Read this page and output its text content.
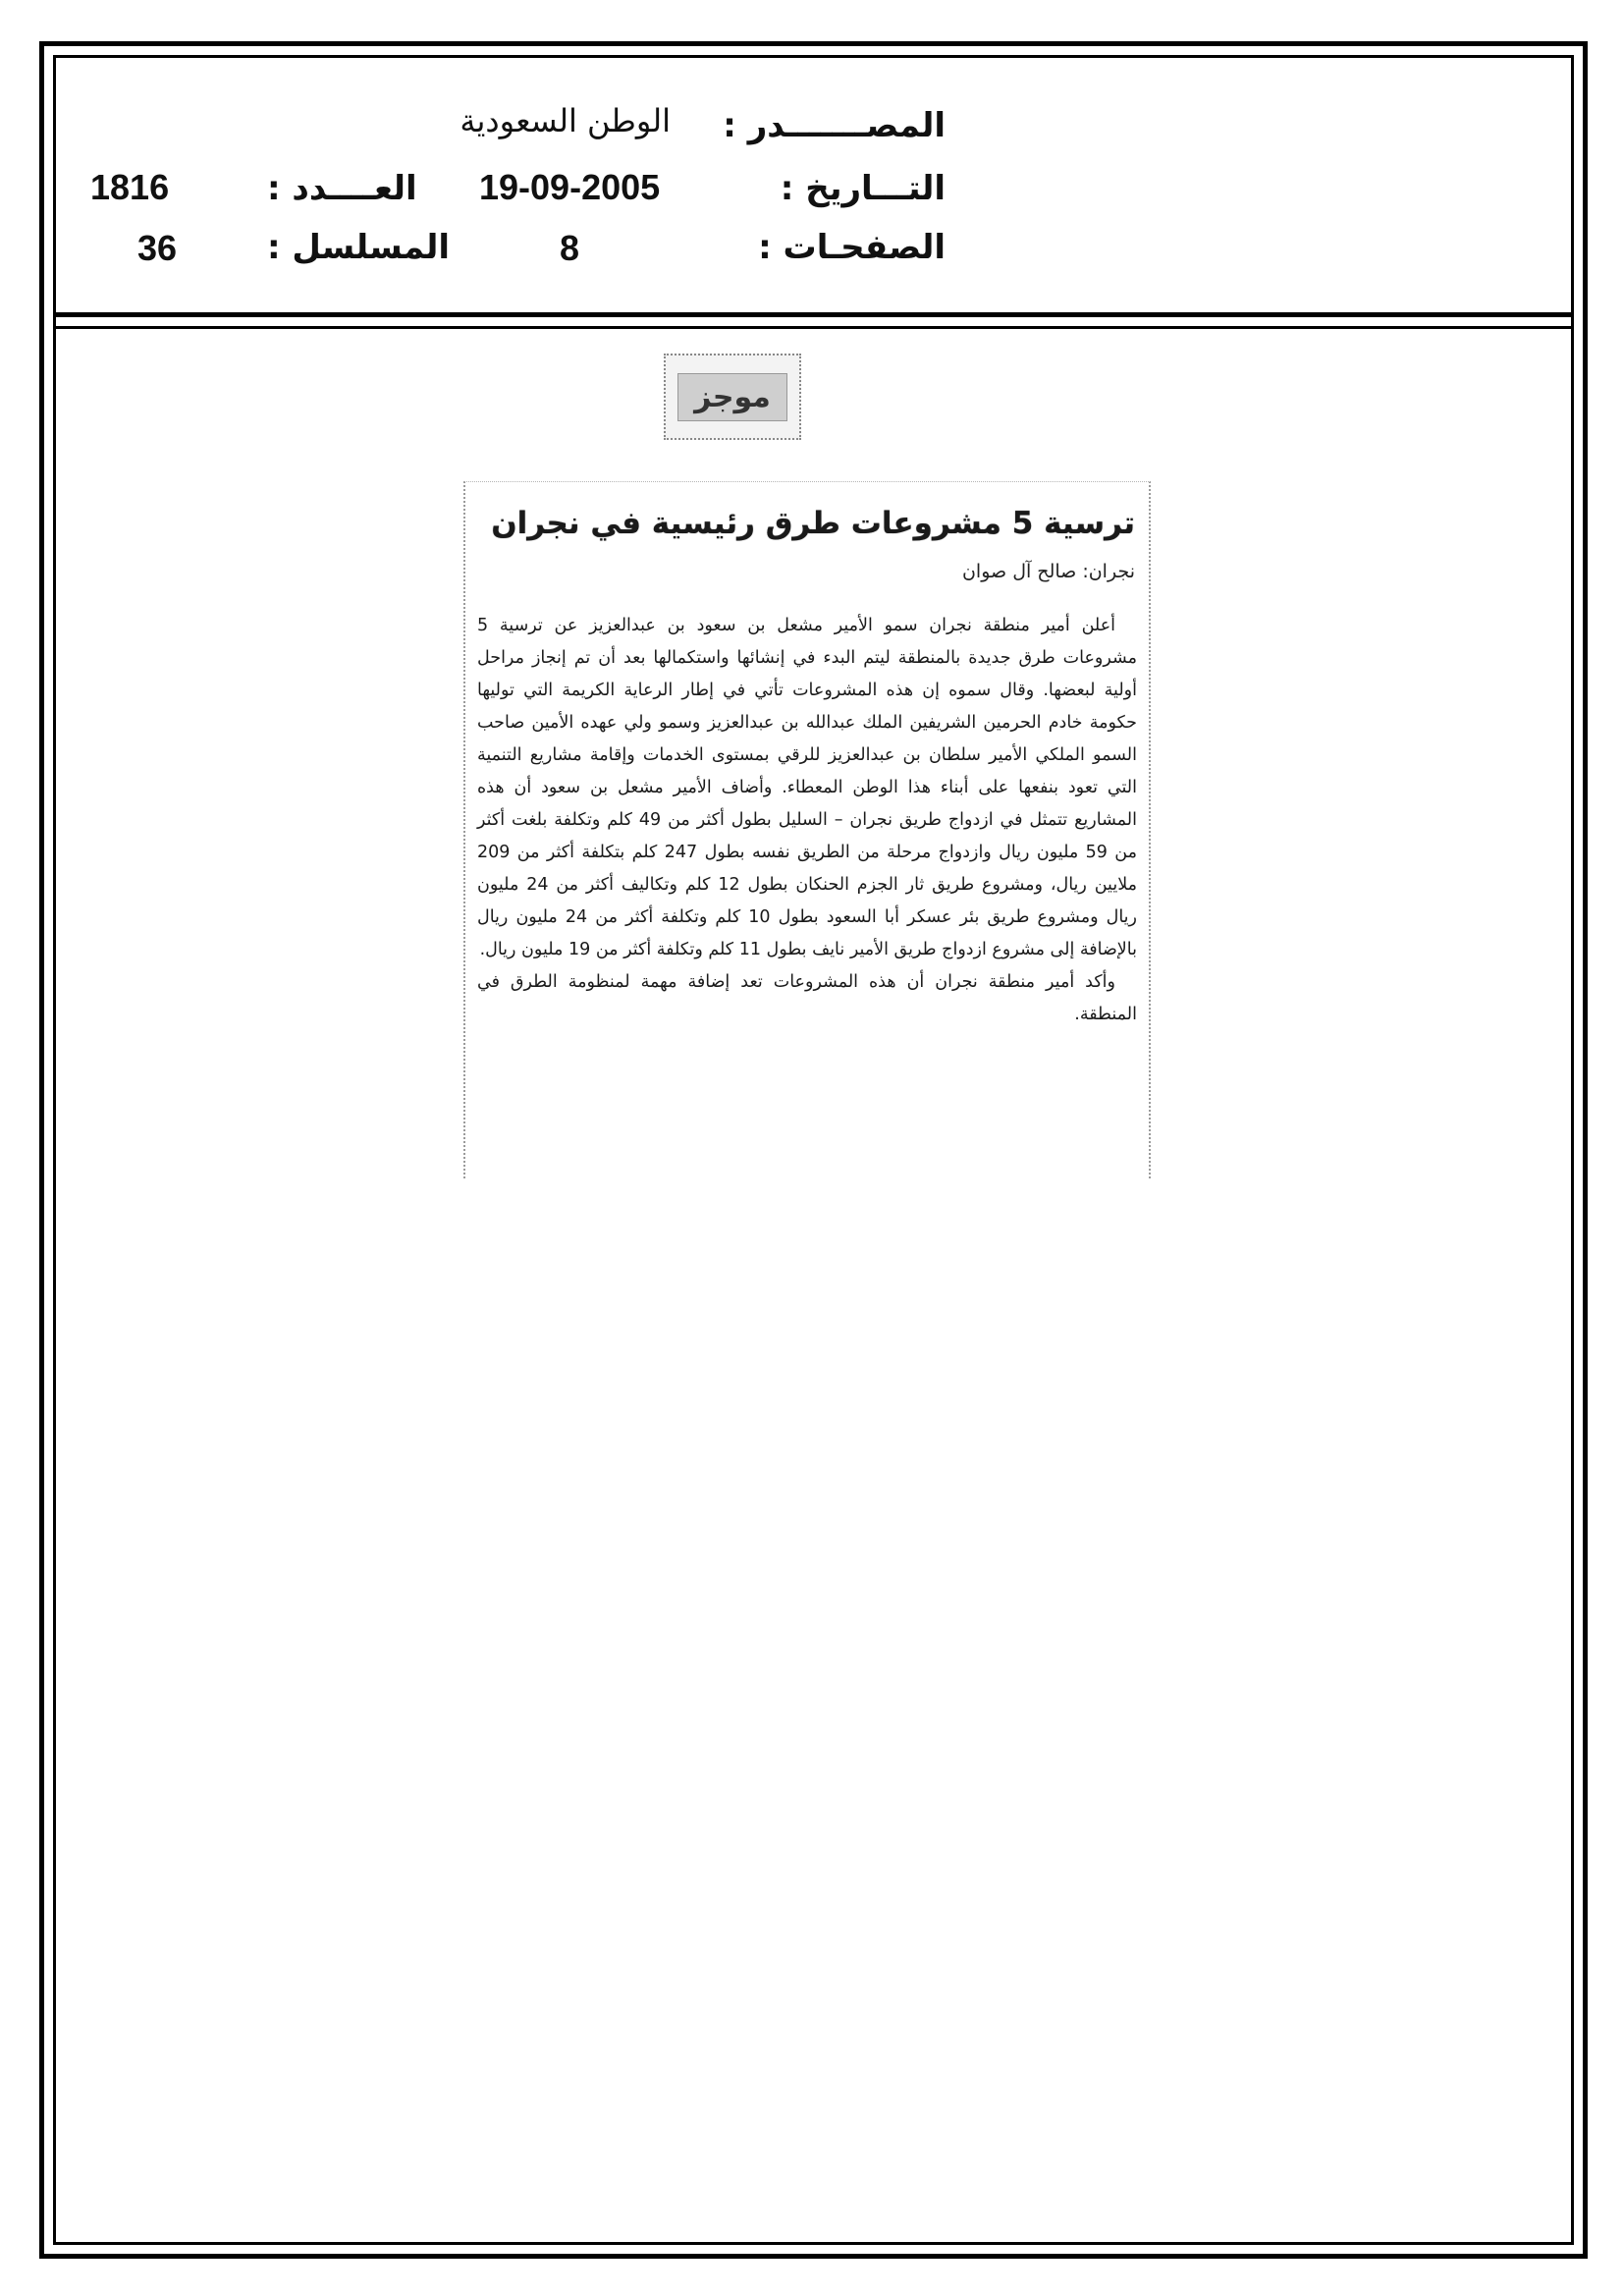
المصـــــــدر :
الوطن السعودية
التـــاريخ :
19-09-2005
العــــدد :
1816
الصفحـات :
8
المسلسل :
36
موجز
ترسية 5 مشروعات طرق رئيسية في نجران
نجران: صالح آل صوان

أعلن أمير منطقة نجران سمو الأمير مشعل بن سعود بن عبدالعزيز عن ترسية 5 مشروعات طرق جديدة بالمنطقة ليتم البدء في إنشائها واستكمالها بعد أن تم إنجاز مراحل أولية لبعضها. وقال سموه إن هذه المشروعات تأتي في إطار الرعاية الكريمة التي توليها حكومة خادم الحرمين الشريفين الملك عبدالله بن عبدالعزيز وسمو ولي عهده الأمين صاحب السمو الملكي الأمير سلطان بن عبدالعزيز للرقي بمستوى الخدمات وإقامة مشاريع التنمية التي تعود بنفعها على أبناء هذا الوطن المعطاء. وأضاف الأمير مشعل بن سعود أن هذه المشاريع تتمثل في ازدواج طريق نجران – السليل بطول أكثر من 49 كلم وتكلفة بلغت أكثر من 59 مليون ريال وازدواج مرحلة من الطريق نفسه بطول 247 كلم بتكلفة أكثر من 209 ملايين ريال، ومشروع طريق ثار الجزم الحنكان بطول 12 كلم وتكاليف أكثر من 24 مليون ريال ومشروع طريق بئر عسكر أبا السعود بطول 10 كلم وتكلفة أكثر من 24 مليون ريال بالإضافة إلى مشروع ازدواج طريق الأمير نايف بطول 11 كلم وتكلفة أكثر من 19 مليون ريال.

وأكد أمير منطقة نجران أن هذه المشروعات تعد إضافة مهمة لمنظومة الطرق في المنطقة.
